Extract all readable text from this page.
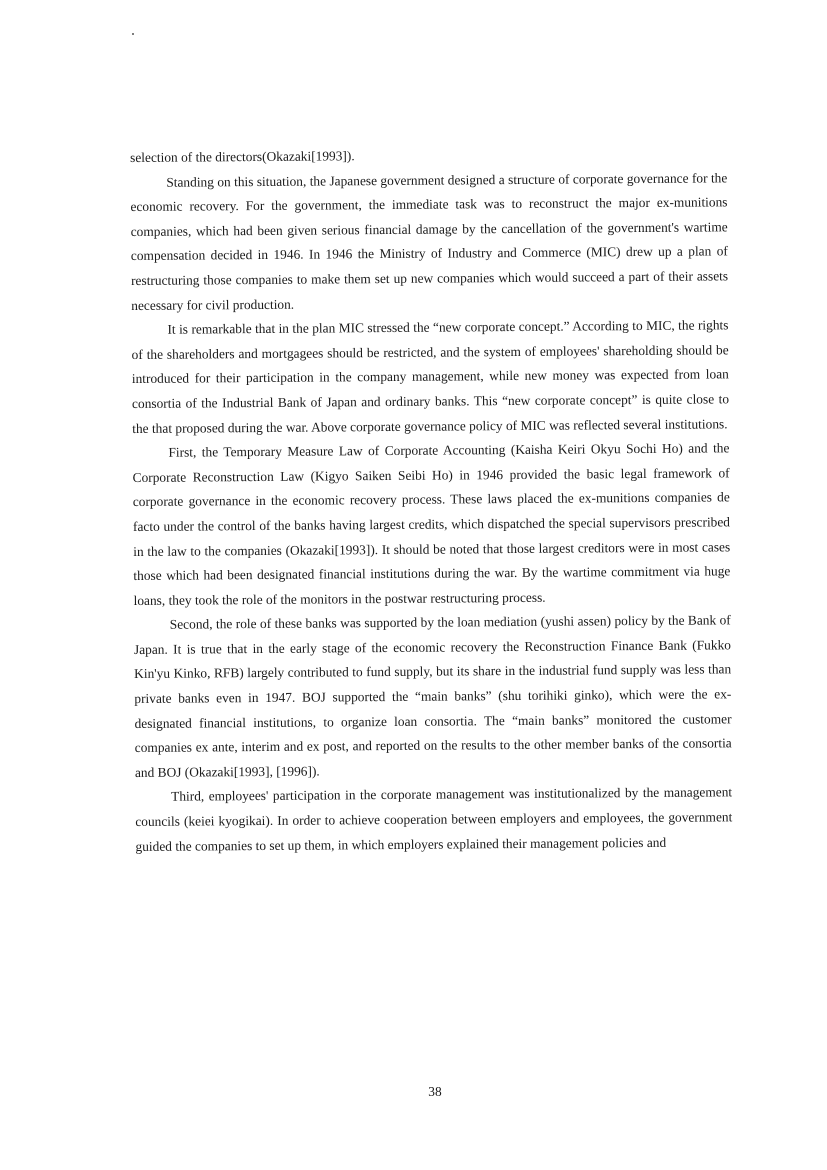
selection of the directors(Okazaki[1993]).

Standing on this situation, the Japanese government designed a structure of corporate governance for the economic recovery. For the government, the immediate task was to reconstruct the major ex-munitions companies, which had been given serious financial damage by the cancellation of the government's wartime compensation decided in 1946. In 1946 the Ministry of Industry and Commerce (MIC) drew up a plan of restructuring those companies to make them set up new companies which would succeed a part of their assets necessary for civil production.

It is remarkable that in the plan MIC stressed the “new corporate concept.” According to MIC, the rights of the shareholders and mortgagees should be restricted, and the system of employees' shareholding should be introduced for their participation in the company management, while new money was expected from loan consortia of the Industrial Bank of Japan and ordinary banks. This “new corporate concept” is quite close to the that proposed during the war. Above corporate governance policy of MIC was reflected several institutions.

First, the Temporary Measure Law of Corporate Accounting (Kaisha Keiri Okyu Sochi Ho) and the Corporate Reconstruction Law (Kigyo Saiken Seibi Ho) in 1946 provided the basic legal framework of corporate governance in the economic recovery process. These laws placed the ex-munitions companies de facto under the control of the banks having largest credits, which dispatched the special supervisors prescribed in the law to the companies (Okazaki[1993]). It should be noted that those largest creditors were in most cases those which had been designated financial institutions during the war. By the wartime commitment via huge loans, they took the role of the monitors in the postwar restructuring process.

Second, the role of these banks was supported by the loan mediation (yushi assen) policy by the Bank of Japan. It is true that in the early stage of the economic recovery the Reconstruction Finance Bank (Fukko Kin'yu Kinko, RFB) largely contributed to fund supply, but its share in the industrial fund supply was less than private banks even in 1947. BOJ supported the “main banks” (shu torihiki ginko), which were the ex-designated financial institutions, to organize loan consortia. The “main banks” monitored the customer companies ex ante, interim and ex post, and reported on the results to the other member banks of the consortia and BOJ (Okazaki[1993], [1996]).

Third, employees' participation in the corporate management was institutionalized by the management councils (keiei kyogikai). In order to achieve cooperation between employers and employees, the government guided the companies to set up them, in which employers explained their management policies and

38
